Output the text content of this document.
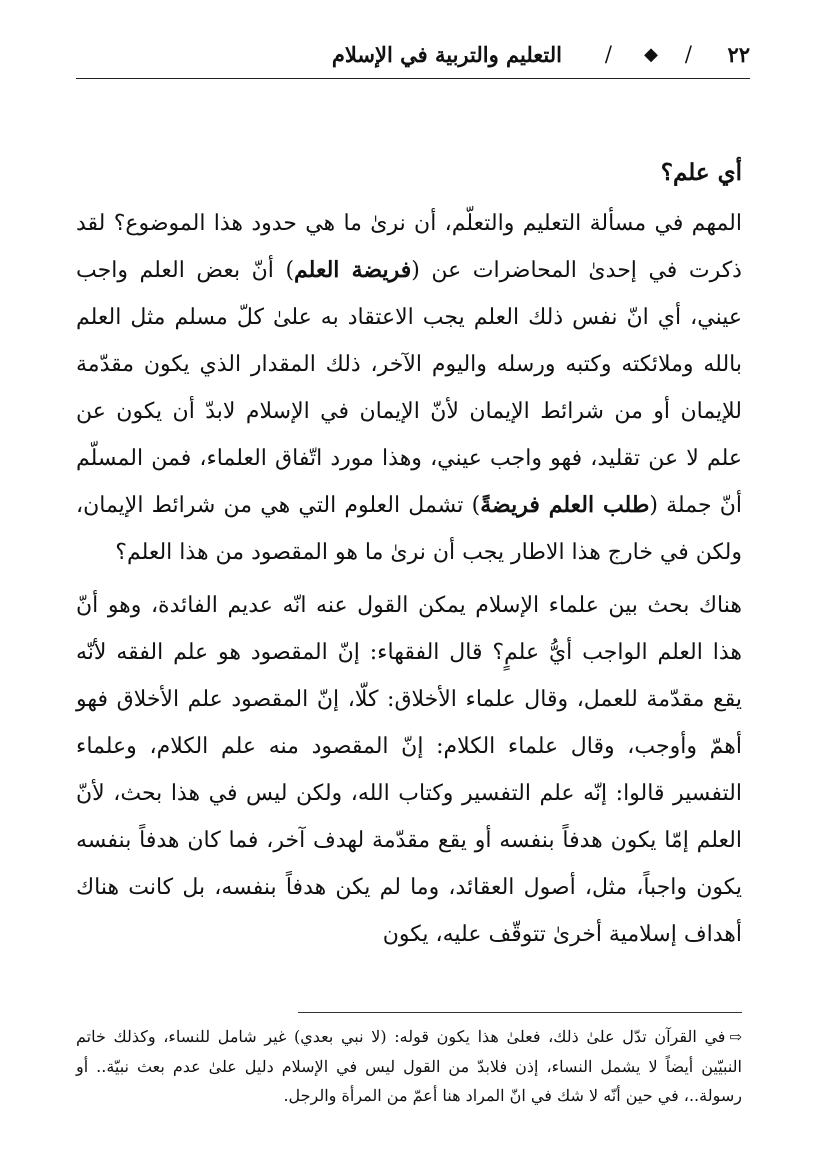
التعليم والتربية في الإسلام / ◆ / ٢٢

أي علم؟

المهم في مسألة التعليم والتعلّم، أن نرىٰ ما هي حدود هذا الموضوع؟ لقد ذكرت في إحدىٰ المحاضرات عن (فريضة العلم) أنّ بعض العلم واجب عيني، أي انّ نفس ذلك العلم يجب الاعتقاد به علىٰ كلّ مسلم مثل العلم بالله وملائكته وكتبه ورسله واليوم الآخر، ذلك المقدار الذي يكون مقدّمة للإيمان أو من شرائط الإيمان لأنّ الإيمان في الإسلام لابدّ أن يكون عن علم لا عن تقليد، فهو واجب عيني، وهذا مورد اتّفاق العلماء، فمن المسلّم أنّ جملة (طلب العلم فريضةً) تشمل العلوم التي هي من شرائط الإيمان، ولكن في خارج هذا الاطار يجب أن نرىٰ ما هو المقصود من هذا العلم؟

هناك بحث بين علماء الإسلام يمكن القول عنه انّه عديم الفائدة، وهو أنّ هذا العلم الواجب أيُّ علمٍ؟ قال الفقهاء: إنّ المقصود هو علم الفقه لأنّه يقع مقدّمة للعمل، وقال علماء الأخلاق: كلّا، إنّ المقصود علم الأخلاق فهو أهمّ وأوجب، وقال علماء الكلام: إنّ المقصود منه علم الكلام، وعلماء التفسير قالوا: إنّه علم التفسير وكتاب الله، ولكن ليس في هذا بحث، لأنّ العلم إمّا يكون هدفاً بنفسه أو يقع مقدّمة لهدف آخر، فما كان هدفاً بنفسه يكون واجباً، مثل، أصول العقائد، وما لم يكن هدفاً بنفسه، بل كانت هناك أهداف إسلامية أخرىٰ تتوقّف عليه، يكون

⇨في القرآن تدّل علىٰ ذلك، فعلىٰ هذا يكون قوله: (لا نبي بعدي) غير شامل للنساء، وكذلك خاتم النبيّين أيضاً لا يشمل النساء، إذن فلابدّ من القول ليس في الإسلام دليل علىٰ عدم بعث نبيّة.. أو رسولة..، في حين أنّه لا شك في انّ المراد هنا أعمّ من المرأة والرجل.
